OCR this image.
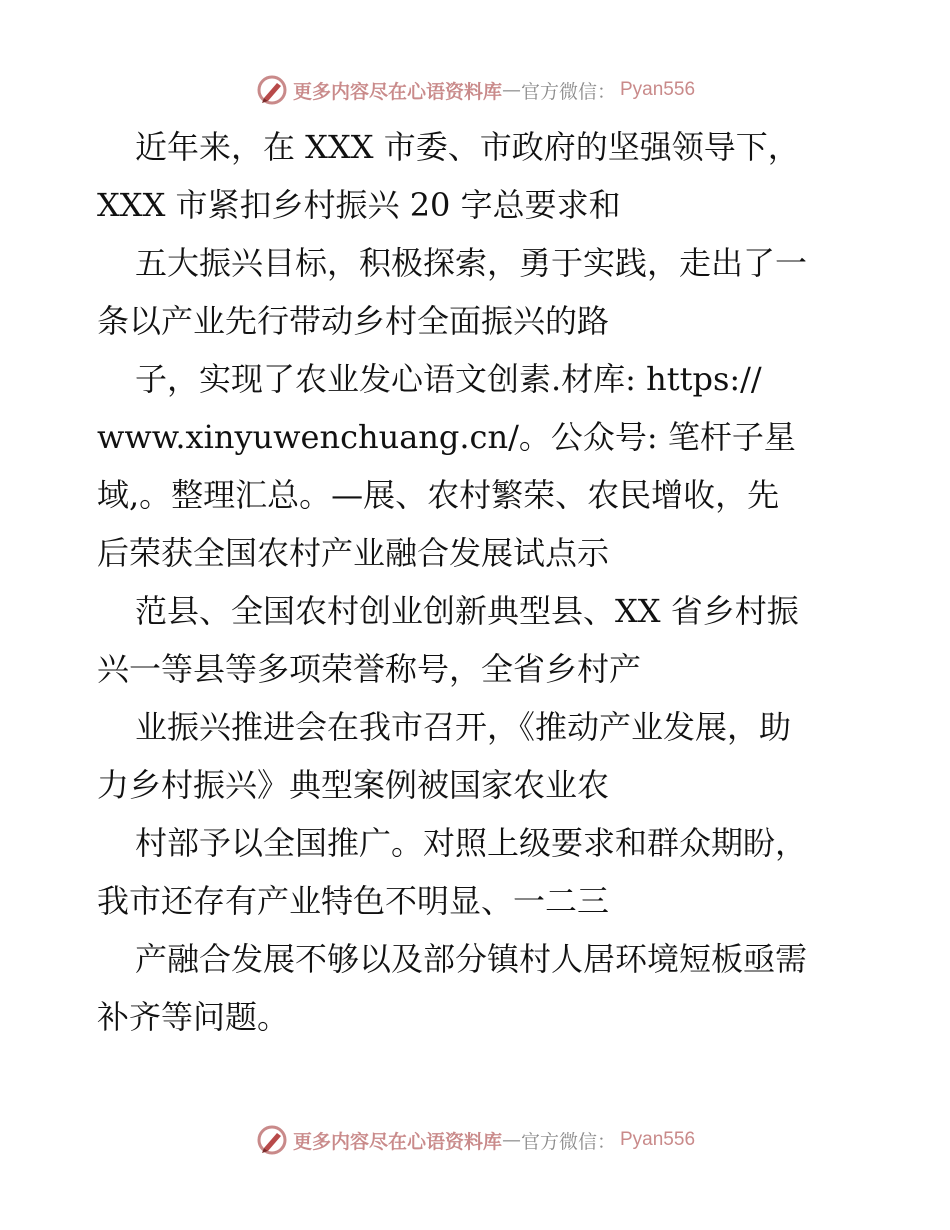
更多内容尽在心语资料库 — 官方微信： Pyan556
近年来，在 XXX 市委、市政府的坚强领导下，
XXX 市紧扣乡村振兴 20 字总要求和
五大振兴目标，积极探索，勇于实践，走出了一
条以产业先行带动乡村全面振兴的路
子，实现了农业发心语文创素.材库: https://
www.xinyuwenchuang.cn/。公众号: 笔杆子星
域,。整理汇总。—展、农村繁荣、农民增收，先
后荣获全国农村产业融合发展试点示
范县、全国农村创业创新典型县、XX 省乡村振
兴一等县等多项荣誉称号，全省乡村产
业振兴推进会在我市召开，《推动产业发展，助
力乡村振兴》典型案例被国家农业农
村部予以全国推广。对照上级要求和群众期盼，
我市还存有产业特色不明显、一二三
产融合发展不够以及部分镇村人居环境短板亟需
补齐等问题。
更多内容尽在心语资料库 — 官方微信： Pyan556
